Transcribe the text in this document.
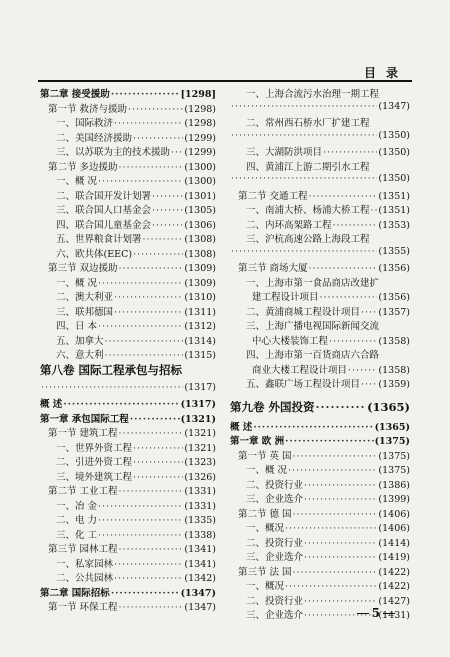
目录
第二章 接受援助 ·····	[1298]
第一节 救济与援助 ·····	(1298)
一、国际救济 ·····	(1298)
二、美国经济援助 ·····	(1299)
三、以苏联为主的技术援助 ····· (1299)
第二节 多边援助 ·····	(1300)
一、概 况 ·····	(1300)
二、联合国开发计划署 ·····	(1301)
三、联合国人口基金会 ·····	(1305)
四、联合国儿童基金会 ·····	(1306)
五、世界粮食计划署 ·····	(1308)
六、欧共体(EEC) ·····	(1308)
第三节 双边援助 ·····	(1309)
一、概 况 ·····	(1309)
二、澳大利亚 ·····	(1310)
三、联邦德国 ·····	(1311)
四、日 本 ·····	(1312)
五、加拿大 ·····	(1314)
六、意大利 ·····	(1315)
第八卷 国际工程承包与招标
·····
(1317)
概 述 ·····	(1317)
第一章 承包国际工程 ·····	(1321)
第一节 建筑工程 ·····	(1321)
一、世界外资工程 ·····	(1321)
二、引进外资工程 ·····	(1323)
三、境外建筑工程 ·····	(1326)
第二节 工业工程 ·····	(1331)
一、冶 金 ·····	(1331)
二、电 力 ·····	(1335)
三、化 工 ·····	(1338)
第三节 园林工程 ·····	(1341)
一、私家园林 ·····	(1341)
二、公共园林 ·····	(1342)
第二章 国际招标 ·····	(1347)
第一节 环保工程 ·····	(1347)
一、上海合流污水治理一期工程
·····
(1347)
二、常州西石桥水厂扩建工程
·····
(1350)
三、大湖防洪项目 ·····	(1350)
四、黄浦江上游二期引水工程
·····
(1350)
第二节 交通工程 ·····	(1351)
一、南浦大桥、杨浦大桥工程 ····· (1351)
二、内环高架路工程 ·····	(1353)
三、沪杭高速公路上海段工程
·····
(1355)
第三节 商场大厦 ·····	(1356)
一、上海市第一食品商店改建扩
建工程设计项目 ·····	(1356)
二、黄浦商城工程设计项目 ····· (1357)
三、上海广播电视国际新闻交流
中心大楼装饰工程 ·····	(1358)
四、上海市第一百货商店六合路
商业大楼工程设计项目 ·····	(1358)
五、鑫联广场工程设计项目 ····· (1359)
第九卷 外国投资 ·····	(1365)
概 述 ·····	(1365)
第一章 欧 洲 ·····	(1375)
第一节 英 国 ·····	(1375)
一、概 况 ·····	(1375)
二、投资行业 ·····	(1386)
三、企业选介 ·····	(1399)
第二节 德 国 ·····	(1406)
一、概况 ·····	(1406)
二、投资行业 ·····	(1414)
三、企业选介 ·····	(1419)
第三节 法 国 ·····	(1422)
一、概况 ·····	(1422)
二、投资行业 ·····	(1427)
三、企业选介 ·····	(1431)
5
